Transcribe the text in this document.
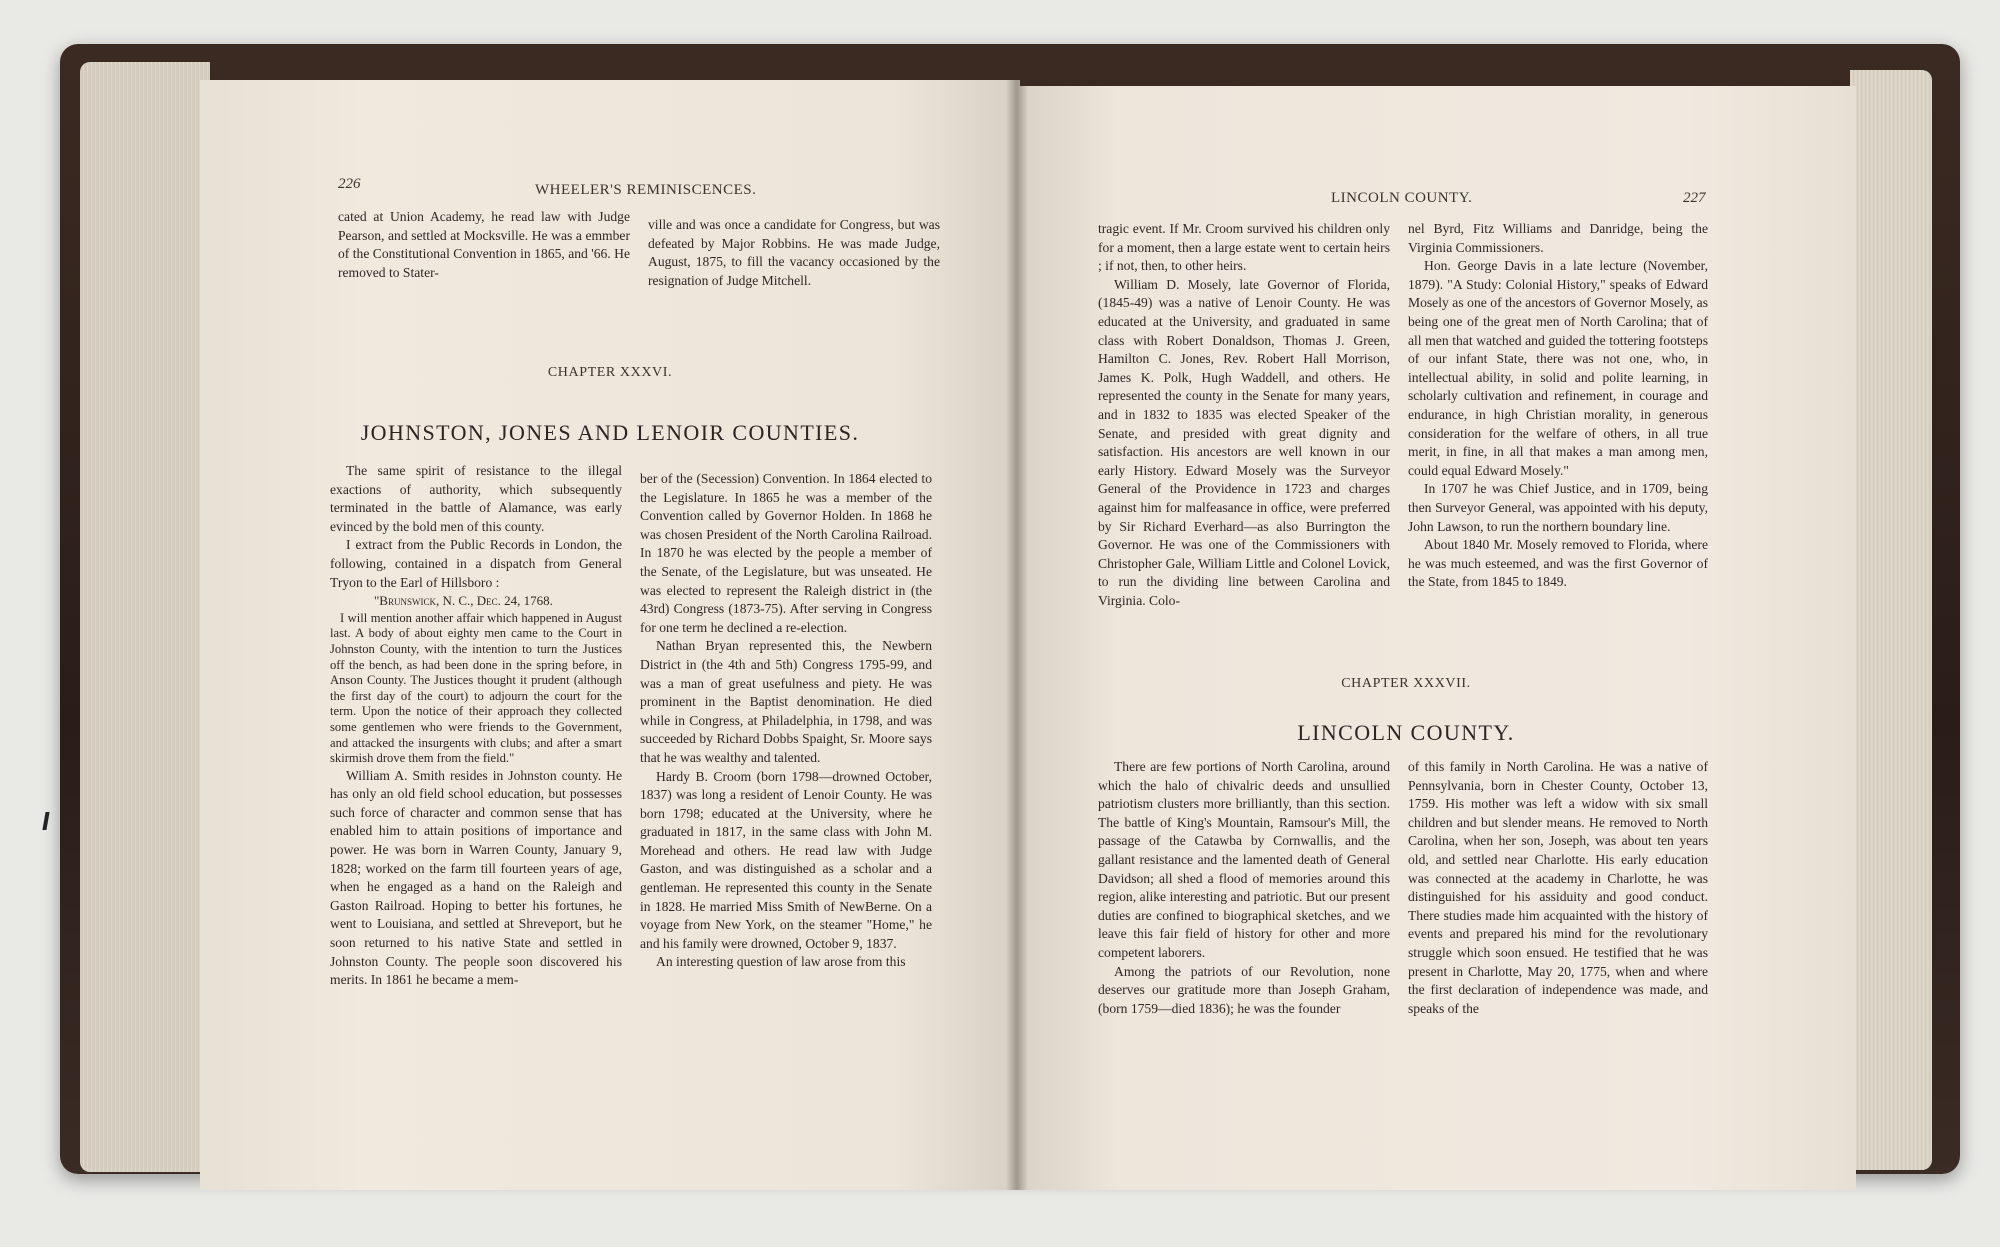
226	WHEELER'S REMINISCENCES.

cated at Union Academy, he read law with Judge Pearson, and settled at Mocksville. He was a emmber of the Constitutional Convention in 1865, and '66. He removed to Stater-

ville and was once a candidate for Congress, but was defeated by Major Robbins. He was made Judge, August, 1875, to fill the vacancy occasioned by the resignation of Judge Mitchell.

CHAPTER XXXVI.
JOHNSTON, JONES AND LENOIR COUNTIES.

The same spirit of resistance to the illegal exactions of authority, which subsequently terminated in the battle of Alamance, was early evinced by the bold men of this county.

I extract from the Public Records in London, the following, contained in a dispatch from General Tryon to the Earl of Hillsboro :

"Brunswick, N. C., Dec. 24, 1768.

I will mention another affair which happened in August last. A body of about eighty men came to the Court in Johnston County, with the intention to turn the Justices off the bench, as had been done in the spring before, in Anson County. The Justices thought it prudent (although the first day of the court) to adjourn the court for the term. Upon the notice of their approach they collected some gentlemen who were friends to the Government, and attacked the insurgents with clubs; and after a smart skirmish drove them from the field."

William A. Smith resides in Johnston county. He has only an old field school education, but possesses such force of character and common sense that has enabled him to attain positions of importance and power. He was born in Warren County, January 9, 1828; worked on the farm till fourteen years of age, when he engaged as a hand on the Raleigh and Gaston Railroad. Hoping to better his fortunes, he went to Louisiana, and settled at Shreveport, but he soon returned to his native State and settled in Johnston County. The people soon discovered his merits. In 1861 he became a mem-

ber of the (Secession) Convention. In 1864 elected to the Legislature. In 1865 he was a member of the Convention called by Governor Holden. In 1868 he was chosen President of the North Carolina Railroad. In 1870 he was elected by the people a member of the Senate, of the Legislature, but was unseated. He was elected to represent the Raleigh district in (the 43rd) Congress (1873-75). After serving in Congress for one term he declined a re-election.

Nathan Bryan represented this, the Newbern District in (the 4th and 5th) Congress 1795-99, and was a man of great usefulness and piety. He was prominent in the Baptist denomination. He died while in Congress, at Philadelphia, in 1798, and was succeeded by Richard Dobbs Spaight, Sr. Moore says that he was wealthy and talented.

Hardy B. Croom (born 1798—drowned October, 1837) was long a resident of Lenoir County. He was born 1798; educated at the University, where he graduated in 1817, in the same class with John M. Morehead and others. He read law with Judge Gaston, and was distinguished as a scholar and a gentleman. He represented this county in the Senate in 1828. He married Miss Smith of NewBerne. On a voyage from New York, on the steamer "Home," he and his family were drowned, October 9, 1837.

An interesting question of law arose from this

LINCOLN COUNTY.	227

tragic event. If Mr. Croom survived his children only for a moment, then a large estate went to certain heirs ; if not, then, to other heirs.

William D. Mosely, late Governor of Florida, (1845-49) was a native of Lenoir County. He was educated at the University, and graduated in same class with Robert Donaldson, Thomas J. Green, Hamilton C. Jones, Rev. Robert Hall Morrison, James K. Polk, Hugh Waddell, and others. He represented the county in the Senate for many years, and in 1832 to 1835 was elected Speaker of the Senate, and presided with great dignity and satisfaction. His ancestors are well known in our early History. Edward Mosely was the Surveyor General of the Providence in 1723 and charges against him for malfeasance in office, were preferred by Sir Richard Everhard—as also Burrington the Governor. He was one of the Commissioners with Christopher Gale, William Little and Colonel Lovick, to run the dividing line between Carolina and Virginia. Colo-

nel Byrd, Fitz Williams and Danridge, being the Virginia Commissioners.

Hon. George Davis in a late lecture (November, 1879). "A Study: Colonial History," speaks of Edward Mosely as one of the ancestors of Governor Mosely, as being one of the great men of North Carolina; that of all men that watched and guided the tottering footsteps of our infant State, there was not one, who, in intellectual ability, in solid and polite learning, in scholarly cultivation and refinement, in courage and endurance, in high Christian morality, in generous consideration for the welfare of others, in all true merit, in fine, in all that makes a man among men, could equal Edward Mosely."

In 1707 he was Chief Justice, and in 1709, being then Surveyor General, was appointed with his deputy, John Lawson, to run the northern boundary line.

About 1840 Mr. Mosely removed to Florida, where he was much esteemed, and was the first Governor of the State, from 1845 to 1849.

CHAPTER XXXVII.
LINCOLN COUNTY.

There are few portions of North Carolina, around which the halo of chivalric deeds and unsullied patriotism clusters more brilliantly, than this section. The battle of King's Mountain, Ramsour's Mill, the passage of the Catawba by Cornwallis, and the gallant resistance and the lamented death of General Davidson; all shed a flood of memories around this region, alike interesting and patriotic. But our present duties are confined to biographical sketches, and we leave this fair field of history for other and more competent laborers.

Among the patriots of our Revolution, none deserves our gratitude more than Joseph Graham, (born 1759—died 1836); he was the founder

of this family in North Carolina. He was a native of Pennsylvania, born in Chester County, October 13, 1759. His mother was left a widow with six small children and but slender means. He removed to North Carolina, when her son, Joseph, was about ten years old, and settled near Charlotte. His early education was connected at the academy in Charlotte, he was distinguished for his assiduity and good conduct. There studies made him acquainted with the history of events and prepared his mind for the revolutionary struggle which soon ensued. He testified that he was present in Charlotte, May 20, 1775, when and where the first declaration of independence was made, and speaks of the
